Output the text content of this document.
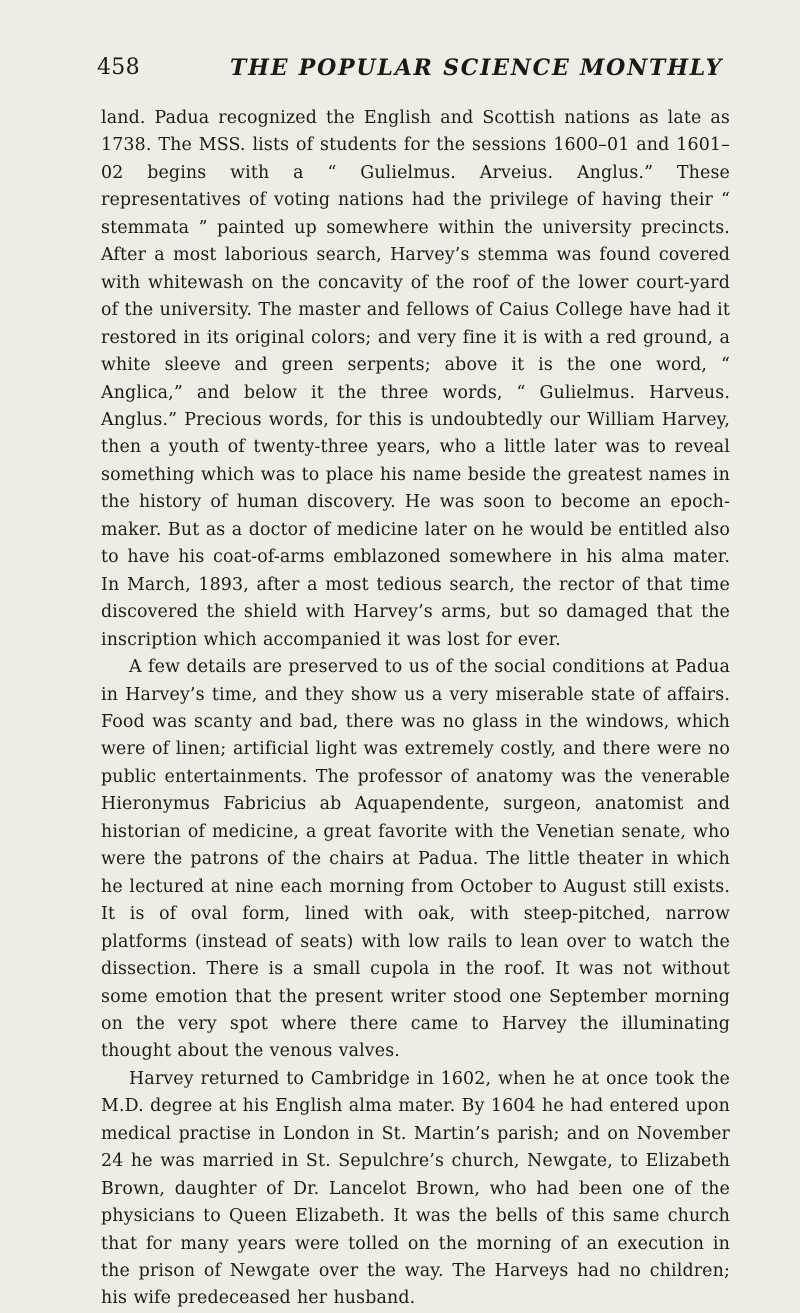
458	THE POPULAR SCIENCE MONTHLY

land. Padua recognized the English and Scottish nations as late as 1738. The MSS. lists of students for the sessions 1600–01 and 1601–02 begins with a “ Gulielmus. Arveius. Anglus.” These representatives of voting nations had the privilege of having their “ stemmata ” painted up somewhere within the university precincts. After a most laborious search, Harvey’s stemma was found covered with whitewash on the concavity of the roof of the lower court-yard of the university. The master and fellows of Caius College have had it restored in its original colors; and very fine it is with a red ground, a white sleeve and green serpents; above it is the one word, “ Anglica,” and below it the three words, “ Gulielmus. Harveus. Anglus.” Precious words, for this is undoubtedly our William Harvey, then a youth of twenty-three years, who a little later was to reveal something which was to place his name beside the greatest names in the history of human discovery. He was soon to become an epoch-maker. But as a doctor of medicine later on he would be entitled also to have his coat-of-arms emblazoned somewhere in his alma mater. In March, 1893, after a most tedious search, the rector of that time discovered the shield with Harvey’s arms, but so damaged that the inscription which accompanied it was lost for ever.

A few details are preserved to us of the social conditions at Padua in Harvey’s time, and they show us a very miserable state of affairs. Food was scanty and bad, there was no glass in the windows, which were of linen; artificial light was extremely costly, and there were no public entertainments. The professor of anatomy was the venerable Hieronymus Fabricius ab Aquapendente, surgeon, anatomist and historian of medicine, a great favorite with the Venetian senate, who were the patrons of the chairs at Padua. The little theater in which he lectured at nine each morning from October to August still exists. It is of oval form, lined with oak, with steep-pitched, narrow platforms (instead of seats) with low rails to lean over to watch the dissection. There is a small cupola in the roof. It was not without some emotion that the present writer stood one September morning on the very spot where there came to Harvey the illuminating thought about the venous valves.

Harvey returned to Cambridge in 1602, when he at once took the M.D. degree at his English alma mater. By 1604 he had entered upon medical practise in London in St. Martin’s parish; and on November 24 he was married in St. Sepulchre’s church, Newgate, to Elizabeth Brown, daughter of Dr. Lancelot Brown, who had been one of the physicians to Queen Elizabeth. It was the bells of this same church that for many years were tolled on the morning of an execution in the prison of Newgate over the way. The Harveys had no children; his wife predeceased her husband.
